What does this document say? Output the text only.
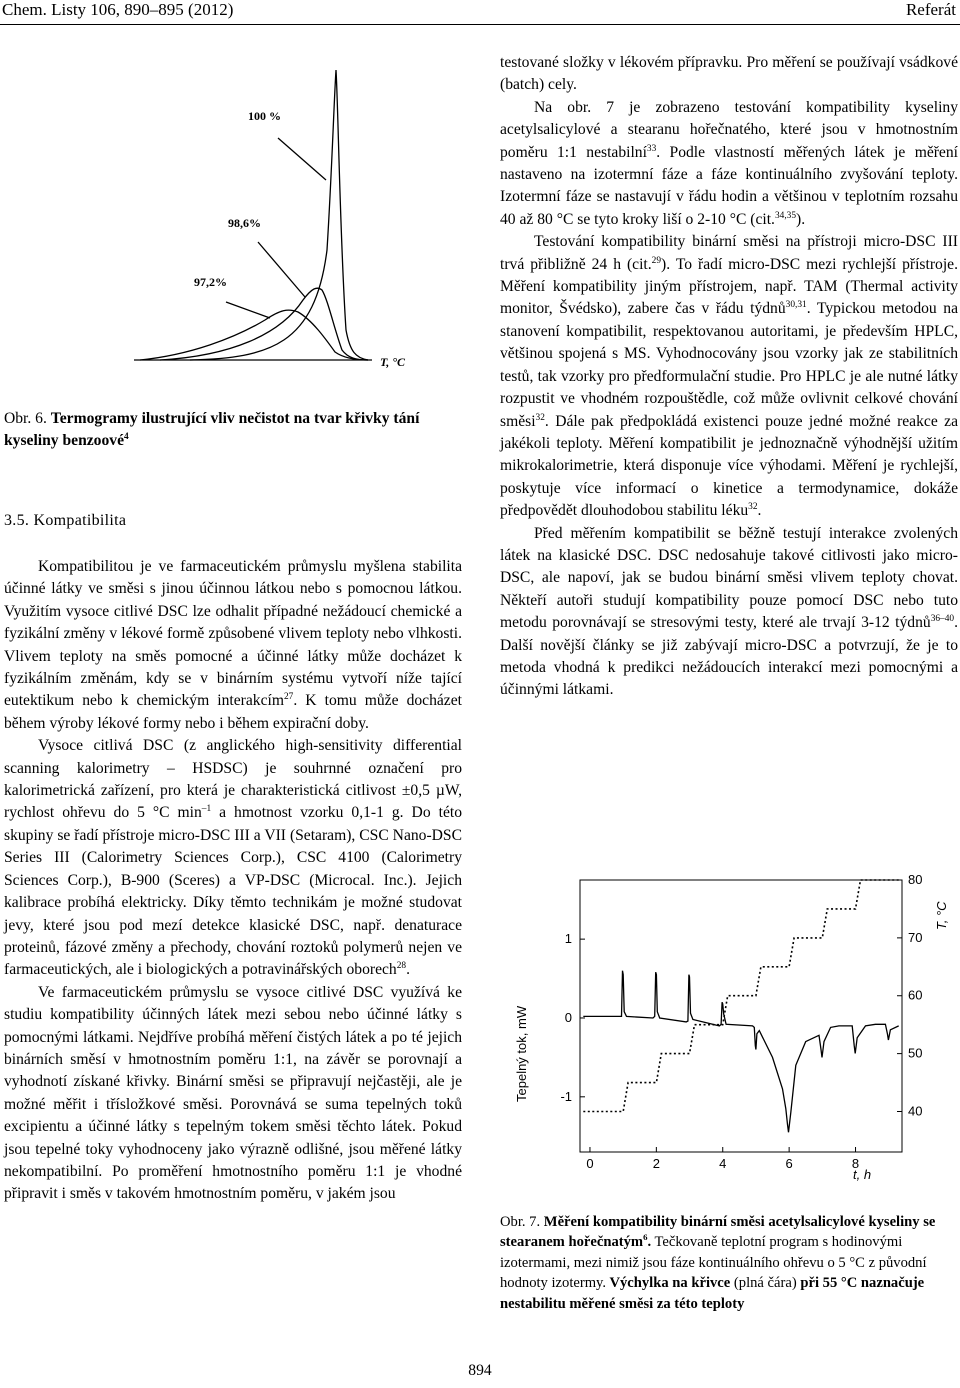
Chem. Listy 106, 890–895 (2012)	Referát
100 %
98,6%
97,2%
T, °C
Obr. 6. Termogramy ilustrující vliv nečistot na tvar křivky tání kyseliny benzoové$^4$
3.5. Kompatibilita

Kompatibilitou je ve farmaceutickém průmyslu myšlena stabilita účinné látky ve směsi s jinou účinnou látkou nebo s pomocnou látkou. Využitím vysoce citlivé DSC lze odhalit případné nežádoucí chemické a fyzikální změny v lékové formě způsobené vlivem teploty nebo vlhkosti. Vlivem teploty na směs pomocné a účinné látky může docházet k fyzikálním změnám, kdy se v binárním systému vytvoří níže tající eutektikum nebo k chemickým interakcím$^{27}$. K tomu může docházet během výroby lékové formy nebo i během expirační doby.

Vysoce citlivá DSC (z anglického high-sensitivity differential scanning kalorimetry – HSDSC) je souhrnné označení pro kalorimetrická zařízení, pro která je charakteristická citlivost ±0,5 µW, rychlost ohřevu do 5 °C $\min^{-1} a$ hmotnost vzorku 0,1-1 g. Do této skupiny se řadí přístroje micro-DSC III a VII (Setaram), CSC Nano-DSC Series III (Calorimetry Sciences Corp.), CSC 4100 (Calorimetry Sciences Corp.), B-900 (Sceres) a VP-DSC (Microcal. Inc.). Jejich kalibrace probíhá elektricky. Díky těmto technikám je možné studovat jevy, které jsou pod mezí detekce klasické DSC, např. denaturace proteinů, fázové změny a přechody, chování roztoků polymerů nejen ve farmaceutických, ale i biologických a potravinářských oborech$^{28}$.

Ve farmaceutickém průmyslu se vysoce citlivé DSC využívá ke studiu kompatibility účinných látek mezi sebou nebo účinné látky s pomocnými látkami. Nejdříve probíhá měření čistých látek a po té jejich binárních směsí v hmotnostním poměru 1:1, na závěr se porovnají a vyhodnotí získané křivky. Binární směsi se připravují nejčastěji, ale je možné měřit i třísložkové směsi. Porovnává se suma tepelných toků excipientu a účinné látky s tepelným tokem směsi těchto látek. Pokud jsou tepelné toky vyhodnoceny jako výrazně odlišné, jsou měřené látky nekompatibilní. Po proměření hmotnostního poměru 1:1 je vhodné připravit i směs v takovém hmotnostním poměru, v jakém jsou

testované složky v lékovém přípravku. Pro měření se používají vsádkové (batch) cely.

Na obr. 7 je zobrazeno testování kompatibility kyseliny acetylsalicylové a stearanu hořečnatého, které jsou v hmotnostním poměru 1:1 nestabilní$^{33}$. Podle vlastností měřených látek je měření nastaveno na izotermní fáze a fáze kontinuálního zvyšování teploty. Izotermní fáze se nastavují v řádu hodin a většinou v teplotním rozsahu 40 až 80 °C se tyto kroky liší o 2-10 °C (cit.$^{34,35}$).

Testování kompatibility binární směsi na přístroji micro-DSC III trvá přibližně 24 h (cit.$^{29}$). To řadí micro-DSC mezi rychlejší přístroje. Měření kompatibility jiným přístrojem, např. TAM (Thermal activity monitor, Švédsko), zabere čas v řádu týdnů$^{30,31}$. Typickou metodou na stanovení kompatibilit, respektovanou autoritami, je především HPLC, většinou spojená s MS. Vyhodnocovány jsou vzorky jak ze stabilitních testů, tak vzorky pro předformulační studie. Pro HPLC je ale nutné látky rozpustit ve vhodném rozpouštědle, což může ovlivnit celkové chování směsi$^{32}$. Dále pak předpokládá existenci pouze jedné možné reakce za jakékoli teploty. Měření kompatibilit je jednoznačně výhodnější užitím mikrokalorimetrie, která disponuje více výhodami. Měření je rychlejší, poskytuje více informací o kinetice a termodynamice, dokáže předpovědět dlouhodobou stabilitu léku$^{32}$.

Před měřením kompatibilit se běžně testují interakce zvolených látek na klasické DSC. DSC nedosahuje takové citlivosti jako micro-DSC, ale napoví, jak se budou binární směsi vlivem teploty chovat. Někteří autoři studují kompatibility pouze pomocí DSC nebo tuto metodu porovnávají se stresovými testy, které ale trvají 3-12 týdnů$^{36-40}$. Další novější články se již zabývají micro-DSC a potvrzují, že je to metoda vhodná k predikci nežádoucích interakcí mezi pomocnými a účinnými látkami.

0	2	4	6	8
-1
0
1
40
50
60
70
80
Tepelný tok, mW
T, °C
t, h
Obr. 7. Měření kompatibility binární směsi acetylsalicylové kyseliny se stearanem hořečnatým$^6$. Tečkovaně teplotní program s hodinovými izotermami, mezi nimiž jsou fáze kontinuálního ohřevu o 5 °C z původní hodnoty izotermy. Výchylka na křivce (plná čára) při 55 °C naznačuje nestabilitu měřené směsi za této teploty
894
